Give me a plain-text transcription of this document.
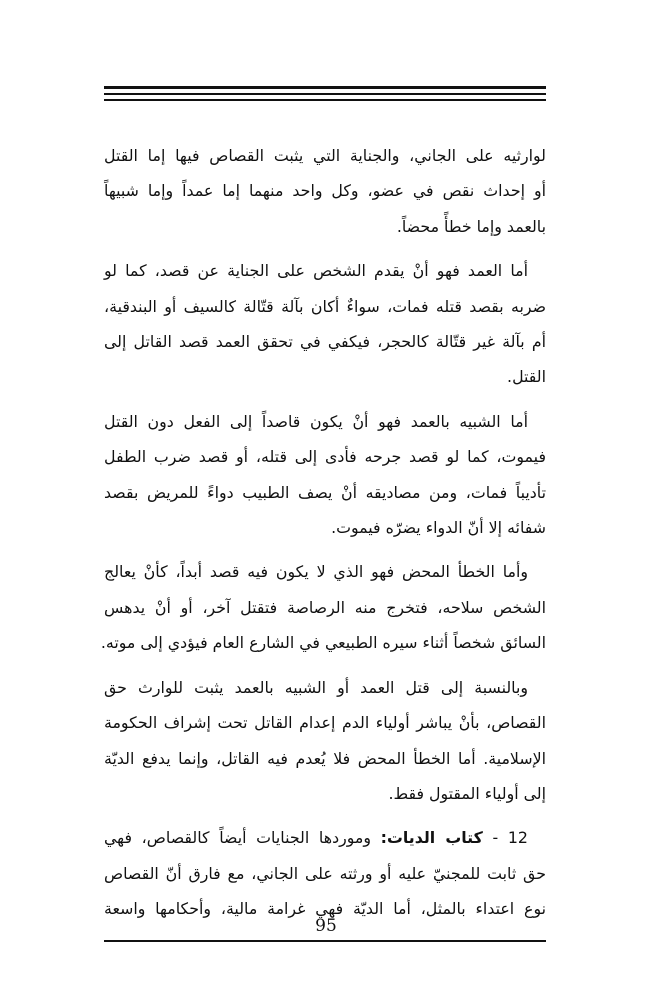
لوارثيه على الجاني، والجناية التي يثبت القصاص فيها إما القتل
أو إحداث نقص في عضو، وكل واحد منهما إما عمداً وإما شبيهاً
بالعمد وإما خطأً محضاً.

أما العمد فهو أنْ يقدم الشخص على الجناية عن قصد، كما لو
ضربه بقصد قتله فمات، سواءٌ أكان بآلة قتّالة كالسيف أو البندقية،
أم بآلة غير قتّالة كالحجر، فيكفي في تحقق العمد قصد القاتل إلى
القتل.

أما الشبيه بالعمد فهو أنْ يكون قاصداً إلى الفعل دون القتل
فيموت، كما لو قصد جرحه فأدى إلى قتله، أو قصد ضرب الطفل
تأديباً فمات، ومن مصاديقه أنْ يصف الطبيب دواءً للمريض بقصد
شفائه إلا أنّ الدواء يضرّه فيموت.

وأما الخطأ المحض فهو الذي لا يكون فيه قصد أبداً، كأنْ يعالج
الشخص سلاحه، فتخرج منه الرصاصة فتقتل آخر، أو أنْ يدهس
السائق شخصاً أثناء سيره الطبيعي في الشارع العام فيؤدي إلى موته.

وبالنسبة إلى قتل العمد أو الشبيه بالعمد يثبت للوارث حق
القصاص، بأنْ يباشر أولياء الدم إعدام القاتل تحت إشراف الحكومة
الإسلامية. أما الخطأ المحض فلا يُعدم فيه القاتل، وإنما يدفع الديّة
إلى أولياء المقتول فقط.

12 - كتاب الديات: وموردها الجنايات أيضاً كالقصاص، فهي
حق ثابت للمجنيّ عليه أو ورثته على الجاني، مع فارق أنّ القصاص
نوع اعتداء بالمثل، أما الديّة فهي غرامة مالية، وأحكامها واسعة

95
